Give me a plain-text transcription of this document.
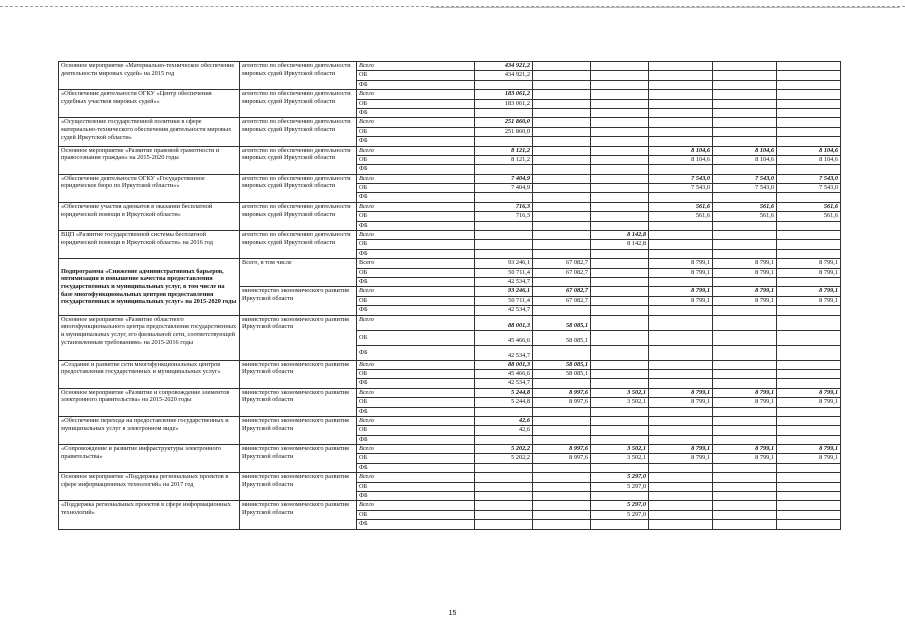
Основное мероприятие «Материально-техническое обеспечение деятельности мировых судей» на 2015 год	агентство по обеспечению деятельности мировых судей Иркутской области	Всего	434 921,2						
		ОБ	434 921,2						
		ФБ							
«Обеспечение деятельности ОГКУ «Центр обеспечения судебных участков мировых судей»»	агентство по обеспечению деятельности мировых судей Иркутской области	Всего	183 061,2						
		ОБ	183 061,2						
		ФБ							
«Осуществление государственной политики в сфере материально-технического обеспечения деятельности мировых судей Иркутской области»	агентство по обеспечению деятельности мировых судей Иркутской области	Всего	251 860,0						
		ОБ	251 860,0						
		ФБ							
Основное мероприятие «Развитие правовой грамотности и правосознания граждан» на 2015-2020 годы	агентство по обеспечению деятельности мировых судей Иркутской области	Всего	8 121,2			8 104,6	8 104,6	8 104,6	
		ОБ	8 121,2			8 104,6	8 104,6	8 104,6	
		ФБ							
«Обеспечение деятельности ОГКУ «Государственное юридическое бюро по Иркутской области»»	агентство по обеспечению деятельности мировых судей Иркутской области	Всего	7 404,9			7 543,0	7 543,0	7 543,0	
		ОБ	7 404,9			7 543,0	7 543,0	7 543,0	
		ФБ							
«Обеспечение участия адвокатов в оказании бесплатной юридической помощи в Иркутской области»	агентство по обеспечению деятельности мировых судей Иркутской области	Всего	716,3			561,6	561,6	561,6	
		ОБ	716,3			561,6	561,6	561,6	
		ФБ							
ВЦП «Развитие государственной системы бесплатной юридической помощи в Иркутской области» на 2016 год	агентство по обеспечению деятельности мировых судей Иркутской области	Всего			8 142,8				
		ОБ			8 142,8				
		ФБ							
Подпрограмма «Снижение административных барьеров, оптимизация и повышение качества предоставления государственных и муниципальных услуг, в том числе на базе многофункциональных центров предоставления государственных и муниципальных услуг» на 2015-2020 годы	Всего, в том числе	Всего	93 246,1	67 082,7		8 799,1	8 799,1	8 799,1	
		ОБ	50 711,4	67 082,7		8 799,1	8 799,1	8 799,1	
		ФБ	42 534,7						
	министерство экономического развития Иркутской области	Всего	93 246,1	67 082,7		8 799,1	8 799,1	8 799,1	
		ОБ	50 711,4	67 082,7		8 799,1	8 799,1	8 799,1	
		ФБ	42 534,7						
Основное мероприятие «Развитие областного многофункционального центра предоставления государственных и муниципальных услуг, его филиальной сети, соответствующей установленным требованиям» на 2015-2016 годы	министерство экономического развития Иркутской области	Всего	88 001,3	58 085,1					
		ОБ	45 466,6	58 085,1					
		ФБ	42 534,7						
«Создание и развитие сети многофункциональных центров предоставления государственных и муниципальных услуг»	министерство экономического развития Иркутской области	Всего	88 001,3	58 085,1					
		ОБ	45 466,6	58 085,1					
		ФБ	42 534,7						
Основное мероприятие «Развитие и сопровождение элементов электронного правительства» на 2015-2020 годы	министерство экономического развития Иркутской области	Всего	5 244,8	8 997,6	3 502,1	8 799,1	8 799,1	8 799,1	
		ОБ	5 244,8	8 997,6	3 502,1	8 799,1	8 799,1	8 799,1	
		ФБ							
«Обеспечение перехода на предоставление государственных и муниципальных услуг в электронном виде»	министерство экономического развития Иркутской области	Всего	42,6						
		ОБ	42,6						
		ФБ							
«Сопровождение и развитие инфраструктуры электронного правительства»	министерство экономического развития Иркутской области	Всего	5 202,2	8 997,6	3 502,1	8 799,1	8 799,1	8 799,1	
		ОБ	5 202,2	8 997,6	3 502,1	8 799,1	8 799,1	8 799,1	
		ФБ							
Основное мероприятие «Поддержка региональных проектов в сфере информационных технологий» на 2017 год	министерство экономического развития Иркутской области	Всего			5 297,0				
		ОБ			5 297,0				
		ФБ							
«Поддержка региональных проектов в сфере информационных технологий»	министерство экономического развития Иркутской области	Всего			5 297,0				
		ОБ			5 297,0				
		ФБ							
15
